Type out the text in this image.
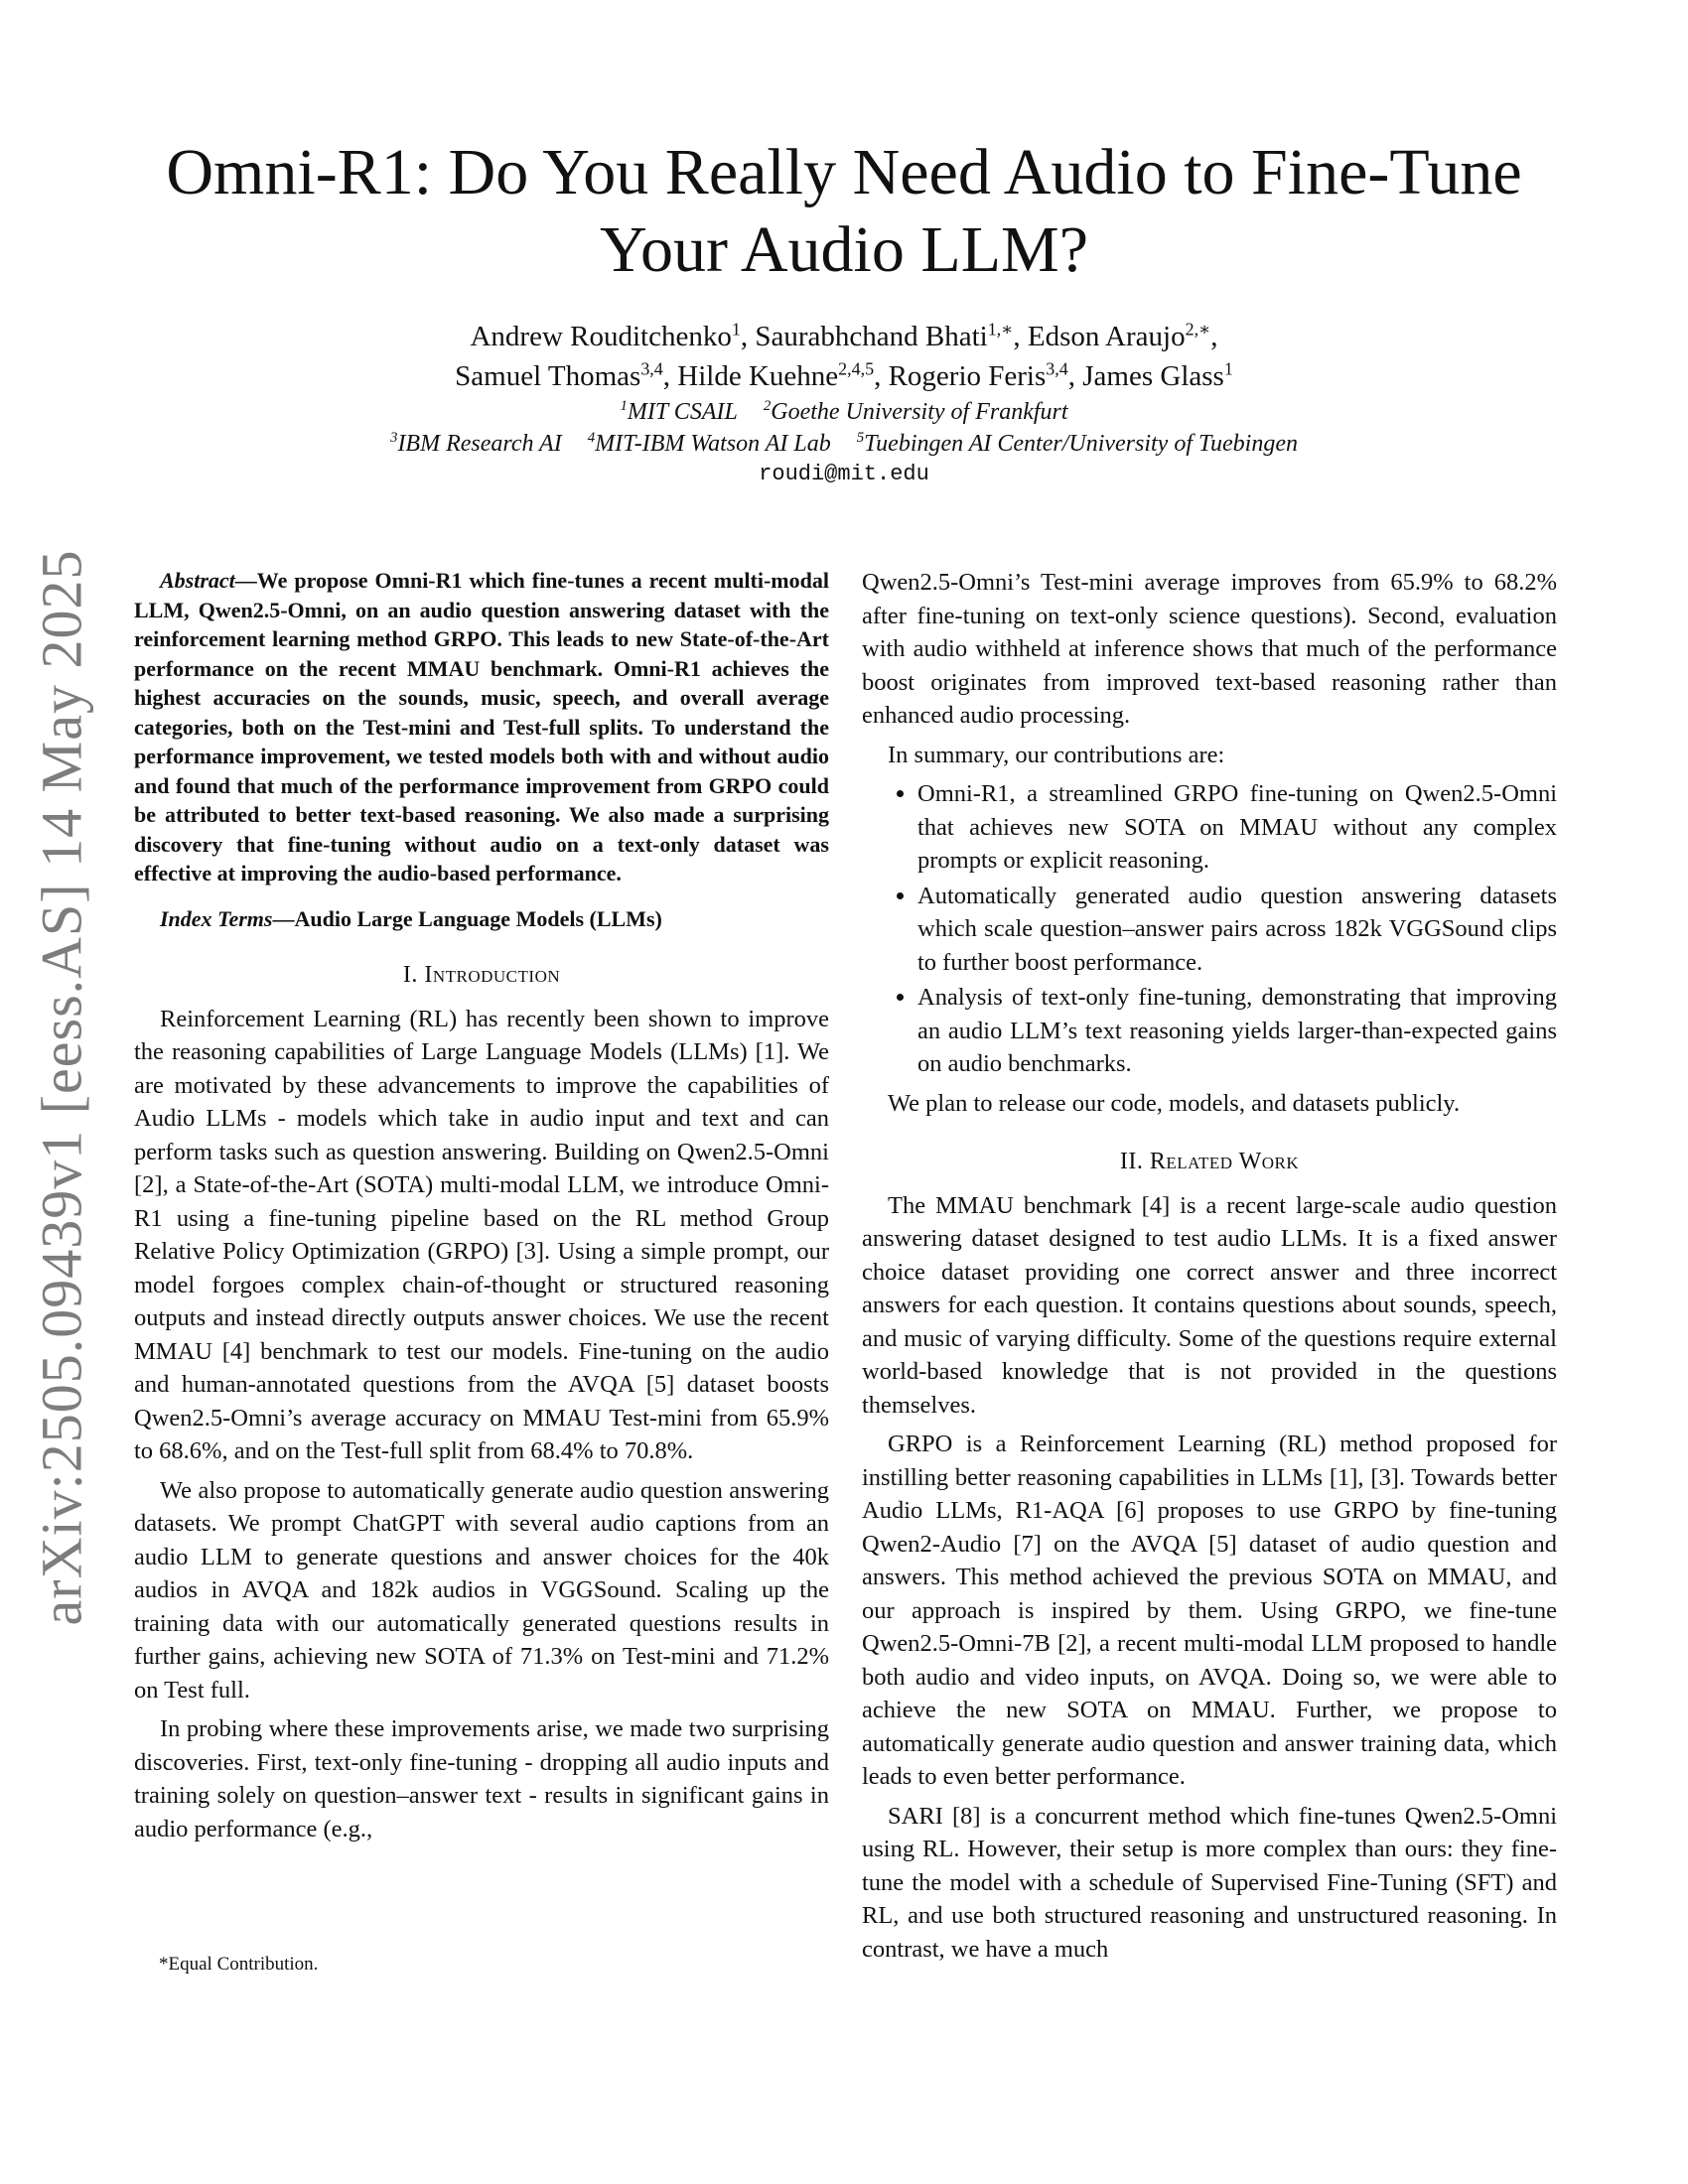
arXiv:2505.09439v1 [eess.AS] 14 May 2025
Omni-R1: Do You Really Need Audio to Fine-Tune Your Audio LLM?
Andrew Rouditchenko$^1$, Saurabhchand Bhati$^{1,∗}$, Edson Araujo$^{2,∗}$,
Samuel Thomas$^{3,4}$, Hilde Kuehne$^{2,4,5}$, Rogerio Feris$^{3,4}$, James Glass$^1$
$^1$MIT CSAIL $^2$Goethe University of Frankfurt
$^3$IBM Research AI $^4$MIT-IBM Watson AI Lab $^5$Tuebingen AI Center/University of Tuebingen
roudi@mit.edu

Abstract—We propose Omni-R1 which fine-tunes a recent multi-modal LLM, Qwen2.5-Omni, on an audio question answering dataset with the reinforcement learning method GRPO. This leads to new State-of-the-Art performance on the recent MMAU benchmark. Omni-R1 achieves the highest accuracies on the sounds, music, speech, and overall average categories, both on the Test-mini and Test-full splits. To understand the performance improvement, we tested models both with and without audio and found that much of the performance improvement from GRPO could be attributed to better text-based reasoning. We also made a surprising discovery that fine-tuning without audio on a text-only dataset was effective at improving the audio-based performance.

Index Terms—Audio Large Language Models (LLMs)

I. Introduction

Reinforcement Learning (RL) has recently been shown to improve the reasoning capabilities of Large Language Models (LLMs) [1]. We are motivated by these advancements to improve the capabilities of Audio LLMs - models which take in audio input and text and can perform tasks such as question answering. Building on Qwen2.5-Omni [2], a State-of-the-Art (SOTA) multi-modal LLM, we introduce Omni-R1 using a fine-tuning pipeline based on the RL method Group Relative Policy Optimization (GRPO) [3]. Using a simple prompt, our model forgoes complex chain-of-thought or structured reasoning outputs and instead directly outputs answer choices. We use the recent MMAU [4] benchmark to test our models. Fine-tuning on the audio and human-annotated questions from the AVQA [5] dataset boosts Qwen2.5-Omni’s average accuracy on MMAU Test-mini from 65.9% to 68.6%, and on the Test-full split from 68.4% to 70.8%.

We also propose to automatically generate audio question answering datasets. We prompt ChatGPT with several audio captions from an audio LLM to generate questions and answer choices for the 40k audios in AVQA and 182k audios in VGGSound. Scaling up the training data with our automatically generated questions results in further gains, achieving new SOTA of 71.3% on Test-mini and 71.2% on Test full.

In probing where these improvements arise, we made two surprising discoveries. First, text-only fine-tuning - dropping all audio inputs and training solely on question–answer text - results in significant gains in audio performance (e.g.,

*Equal Contribution.

Qwen2.5-Omni’s Test-mini average improves from 65.9% to 68.2% after fine-tuning on text-only science questions). Second, evaluation with audio withheld at inference shows that much of the performance boost originates from improved text-based reasoning rather than enhanced audio processing.

In summary, our contributions are:

• Omni-R1, a streamlined GRPO fine-tuning on Qwen2.5-Omni that achieves new SOTA on MMAU without any complex prompts or explicit reasoning.
• Automatically generated audio question answering datasets which scale question–answer pairs across 182k VGGSound clips to further boost performance.
• Analysis of text-only fine-tuning, demonstrating that improving an audio LLM’s text reasoning yields larger-than-expected gains on audio benchmarks.

We plan to release our code, models, and datasets publicly.

II. Related Work

The MMAU benchmark [4] is a recent large-scale audio question answering dataset designed to test audio LLMs. It is a fixed answer choice dataset providing one correct answer and three incorrect answers for each question. It contains questions about sounds, speech, and music of varying difficulty. Some of the questions require external world-based knowledge that is not provided in the questions themselves.

GRPO is a Reinforcement Learning (RL) method proposed for instilling better reasoning capabilities in LLMs [1], [3]. Towards better Audio LLMs, R1-AQA [6] proposes to use GRPO by fine-tuning Qwen2-Audio [7] on the AVQA [5] dataset of audio question and answers. This method achieved the previous SOTA on MMAU, and our approach is inspired by them. Using GRPO, we fine-tune Qwen2.5-Omni-7B [2], a recent multi-modal LLM proposed to handle both audio and video inputs, on AVQA. Doing so, we were able to achieve the new SOTA on MMAU. Further, we propose to automatically generate audio question and answer training data, which leads to even better performance.

SARI [8] is a concurrent method which fine-tunes Qwen2.5-Omni using RL. However, their setup is more complex than ours: they fine-tune the model with a schedule of Supervised Fine-Tuning (SFT) and RL, and use both structured reasoning and unstructured reasoning. In contrast, we have a much
